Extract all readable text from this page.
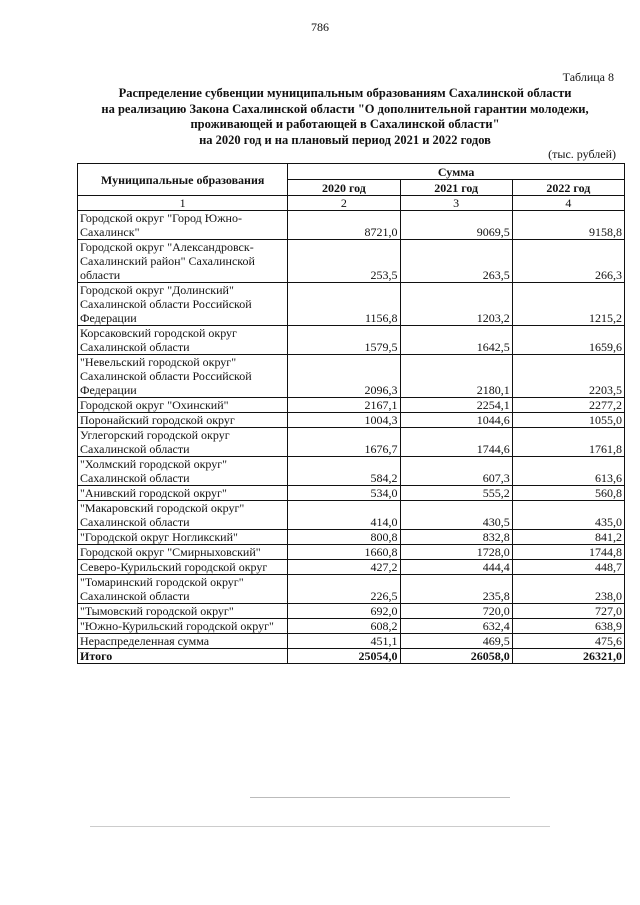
786
Таблица 8
Распределение субвенции муниципальным образованиям Сахалинской области
на реализацию Закона Сахалинской области "О дополнительной гарантии молодежи,
проживающей и работающей в Сахалинской области"
на 2020 год и на плановый период 2021 и 2022 годов
(тыс. рублей)
Муниципальные образования	Сумма		
	2020 год	2021 год	2022 год
1	2	3	4
Городской округ "Город Южно-Сахалинск"	8721,0	9069,5	9158,8
Городской округ "Александровск-Сахалинский район" Сахалинской области	253,5	263,5	266,3
Городской округ "Долинский" Сахалинской области Российской Федерации	1156,8	1203,2	1215,2
Корсаковский городской округ Сахалинской области	1579,5	1642,5	1659,6
"Невельский городской округ" Сахалинской области Российской Федерации	2096,3	2180,1	2203,5
Городской округ "Охинский"	2167,1	2254,1	2277,2
Поронайский городской округ	1004,3	1044,6	1055,0
Углегорский городской округ Сахалинской области	1676,7	1744,6	1761,8
"Холмский городской округ" Сахалинской области	584,2	607,3	613,6
"Анивский городской округ"	534,0	555,2	560,8
"Макаровский городской округ" Сахалинской области	414,0	430,5	435,0
"Городской округ Ногликский"	800,8	832,8	841,2
Городской округ "Смирныховский"	1660,8	1728,0	1744,8
Северо-Курильский городской округ	427,2	444,4	448,7
"Томаринский городской округ" Сахалинской области	226,5	235,8	238,0
"Тымовский городской округ"	692,0	720,0	727,0
"Южно-Курильский городской округ"	608,2	632,4	638,9
Нераспределенная сумма	451,1	469,5	475,6
Итого	25054,0	26058,0	26321,0
